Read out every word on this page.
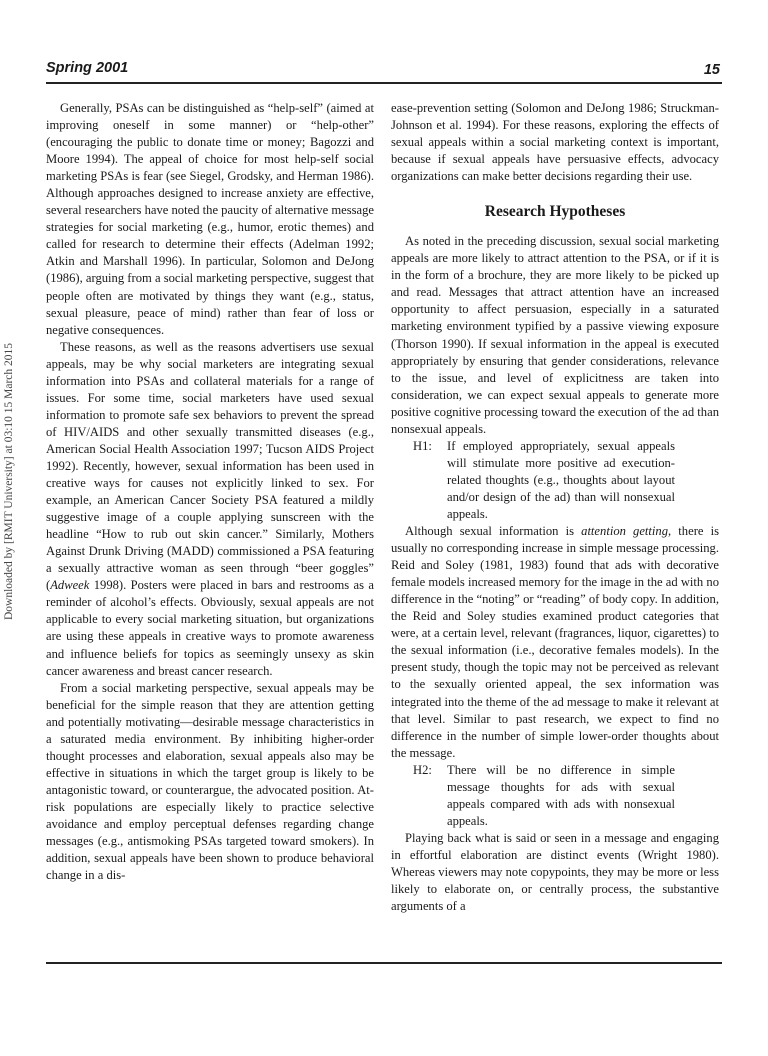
Spring 2001	15
Downloaded by [RMIT University] at 03:10 15 March 2015

Generally, PSAs can be distinguished as “help-self” (aimed at improving oneself in some manner) or “help-other” (encouraging the public to donate time or money; Bagozzi and Moore 1994). The appeal of choice for most help-self social marketing PSAs is fear (see Siegel, Grodsky, and Herman 1986). Although approaches designed to increase anxiety are effective, several researchers have noted the paucity of alternative message strategies for social marketing (e.g., humor, erotic themes) and called for research to determine their effects (Adelman 1992; Atkin and Marshall 1996). In particular, Solomon and DeJong (1986), arguing from a social marketing perspective, suggest that people often are motivated by things they want (e.g., status, sexual pleasure, peace of mind) rather than fear of loss or negative consequences.

These reasons, as well as the reasons advertisers use sexual appeals, may be why social marketers are integrating sexual information into PSAs and collateral materials for a range of issues. For some time, social marketers have used sexual information to promote safe sex behaviors to prevent the spread of HIV/AIDS and other sexually transmitted diseases (e.g., American Social Health Association 1997; Tucson AIDS Project 1992). Recently, however, sexual information has been used in creative ways for causes not explicitly linked to sex. For example, an American Cancer Society PSA featured a mildly suggestive image of a couple applying sunscreen with the headline “How to rub out skin cancer.” Similarly, Mothers Against Drunk Driving (MADD) commissioned a PSA featuring a sexually attractive woman as seen through “beer goggles” (Adweek 1998). Posters were placed in bars and restrooms as a reminder of alcohol’s effects. Obviously, sexual appeals are not applicable to every social marketing situation, but organizations are using these appeals in creative ways to promote awareness and influence beliefs for topics as seemingly unsexy as skin cancer awareness and breast cancer research.

From a social marketing perspective, sexual appeals may be beneficial for the simple reason that they are attention getting and potentially motivating—desirable message characteristics in a saturated media environment. By inhibiting higher-order thought processes and elaboration, sexual appeals also may be effective in situations in which the target group is likely to be antagonistic toward, or counterargue, the advocated position. At-risk populations are especially likely to practice selective avoidance and employ perceptual defenses regarding change messages (e.g., antismoking PSAs targeted toward smokers). In addition, sexual appeals have been shown to produce behavioral change in a dis-

ease-prevention setting (Solomon and DeJong 1986; Struckman-Johnson et al. 1994). For these reasons, exploring the effects of sexual appeals within a social marketing context is important, because if sexual appeals have persuasive effects, advocacy organizations can make better decisions regarding their use.

Research Hypotheses

As noted in the preceding discussion, sexual social marketing appeals are more likely to attract attention to the PSA, or if it is in the form of a brochure, they are more likely to be picked up and read. Messages that attract attention have an increased opportunity to affect persuasion, especially in a saturated marketing environment typified by a passive viewing exposure (Thorson 1990). If sexual information in the appeal is executed appropriately by ensuring that gender considerations, relevance to the issue, and level of explicitness are taken into consideration, we can expect sexual appeals to generate more positive cognitive processing toward the execution of the ad than nonsexual appeals.

H1:	If employed appropriately, sexual appeals will stimulate more positive ad execution-related thoughts (e.g., thoughts about layout and/or design of the ad) than will nonsexual appeals.

Although sexual information is attention getting, there is usually no corresponding increase in simple message processing. Reid and Soley (1981, 1983) found that ads with decorative female models increased memory for the image in the ad with no difference in the “noting” or “reading” of body copy. In addition, the Reid and Soley studies examined product categories that were, at a certain level, relevant (fragrances, liquor, cigarettes) to the sexual information (i.e., decorative females models). In the present study, though the topic may not be perceived as relevant to the sexually oriented appeal, the sex information was integrated into the theme of the ad message to make it relevant at that level. Similar to past research, we expect to find no difference in the number of simple lower-order thoughts about the message.

H2:	There will be no difference in simple message thoughts for ads with sexual appeals compared with ads with nonsexual appeals.

Playing back what is said or seen in a message and engaging in effortful elaboration are distinct events (Wright 1980). Whereas viewers may note copypoints, they may be more or less likely to elaborate on, or centrally process, the substantive arguments of a
